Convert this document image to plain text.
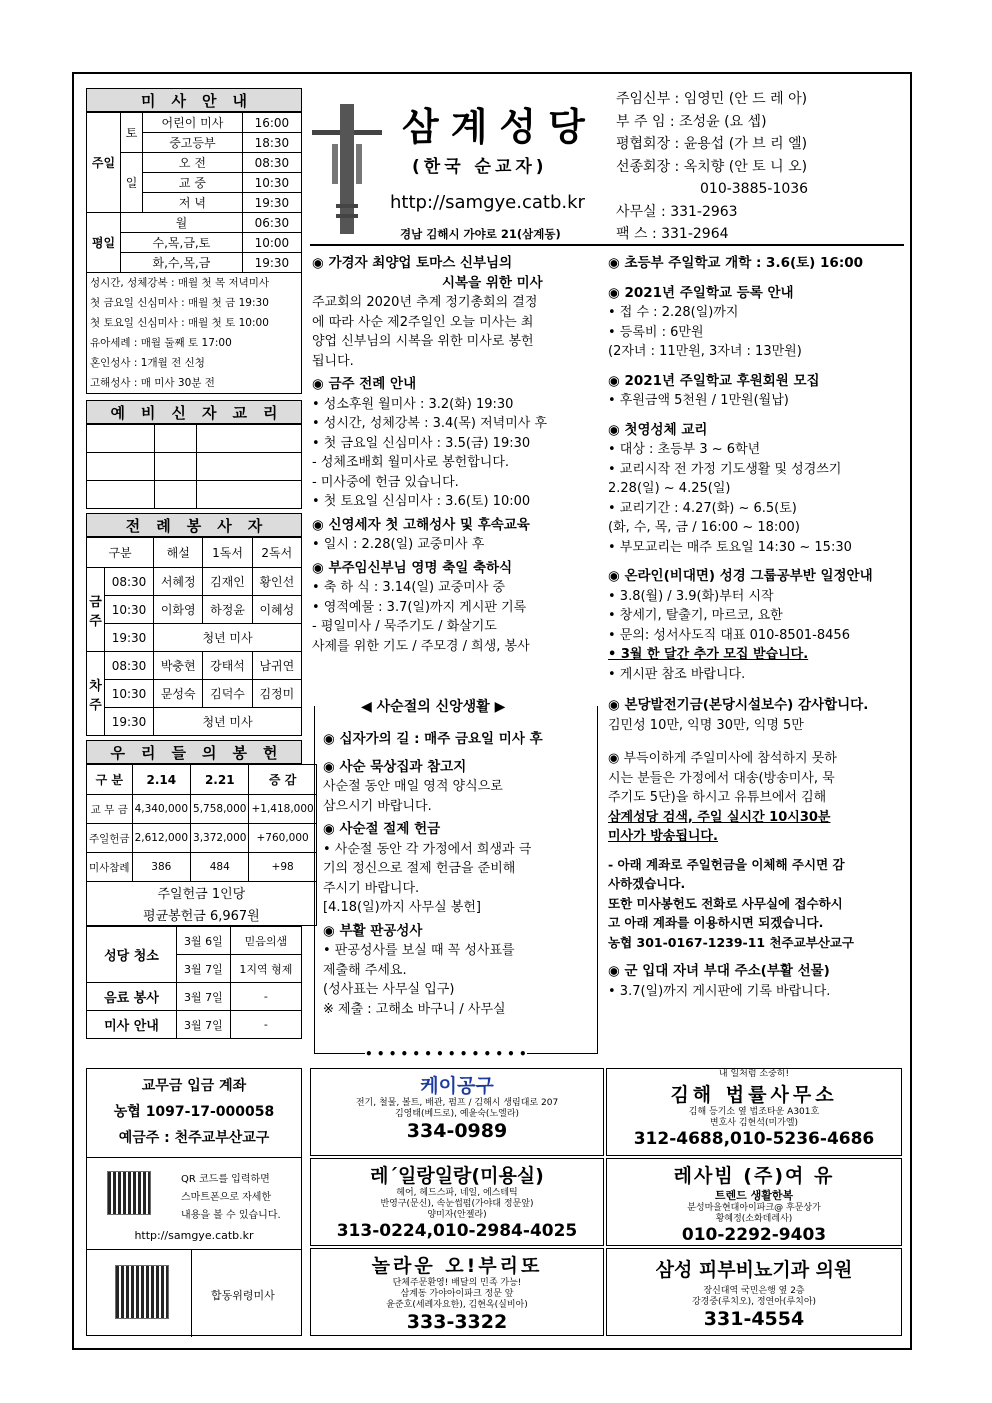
미사안내
주일	토	어린이 미사	16:00
		중고등부	18:30
	일	오 전	08:30
		교 중	10:30
		저 녁	19:30
평일	월		06:30
	수,목,금,토		10:00
	화,수,목,금		19:30
성시간, 성체강복 : 매월 첫 목 저녁미사
첫 금요일 신심미사 : 매월 첫 금 19:30
첫 토요일 신심미사 : 매월 첫 토 10:00
유아세례 : 매월 둘째 토 17:00
혼인성사 : 1개월 전 신청
고해성사 : 매 미사 30분 전
예비신자교리

전례봉사자
구분		해설	1독서	2독서
금주	08:30	서혜정	김재인	황인선
	10:30	이화영	하정윤	이혜성
	19:30	청년 미사		
차주	08:30	박충현	강태석	남귀연
	10:30	문성숙	김덕수	김정미
	19:30	청년 미사		
우리들의봉헌
구 분	2.14	2.21	증 감
교 무 금	4,340,000	5,758,000	+1,418,000
주일헌금	2,612,000	3,372,000	+760,000
미사참례	386	484	+98
주일헌금 1인당			
평균봉헌금 6,967원			
성당 청소	3월 6일	믿음의샘
	3월 7일	1지역 형제
음료 봉사	3월 7일	-
미사 안내	3월 7일	-
삼계성당
(한국 순교자)
http://samgye.catb.kr
경남 김해시 가야로 21(삼계동)
주임신부 : 임영민 (안 드 레 아)
부 주 임 : 조성윤 (요 셉)
평협회장 : 윤용섭 (가 브 리 엘)
선종회장 : 옥치향 (안 토 니 오)
010-3885-1036
사무실 : 331-2963
팩 스 : 331-2964
◉ 가경자 최양업 토마스 신부님의
시복을 위한 미사
주교회의 2020년 추계 정기총회의 결정
에 따라 사순 제2주일인 오늘 미사는 최
양업 신부님의 시복을 위한 미사로 봉헌
됩니다.
◉ 금주 전례 안내
• 성소후원 월미사 : 3.2(화) 19:30
• 성시간, 성체강복 : 3.4(목) 저녁미사 후
• 첫 금요일 신심미사 : 3.5(금) 19:30
- 성체조배회 월미사로 봉헌합니다.
- 미사중에 헌금 있습니다.
• 첫 토요일 신심미사 : 3.6(토) 10:00
◉ 신영세자 첫 고해성사 및 후속교육
• 일시 : 2.28(일) 교중미사 후
◉ 부주임신부님 영명 축일 축하식
• 축 하 식 : 3.14(일) 교중미사 중
• 영적예물 : 3.7(일)까지 게시판 기록
- 평일미사 / 묵주기도 / 화살기도
사제를 위한 기도 / 주모경 / 희생, 봉사
◀ 사순절의 신앙생활 ▶
◉ 십자가의 길 : 매주 금요일 미사 후
◉ 사순 묵상집과 참고지
사순절 동안 매일 영적 양식으로
삼으시기 바랍니다.
◉ 사순절 절제 헌금
• 사순절 동안 각 가정에서 희생과 극
기의 정신으로 절제 헌금을 준비해
주시기 바랍니다.
[4.18(일)까지 사무실 봉헌]
◉ 부활 판공성사
• 판공성사를 보실 때 꼭 성사표를
제출해 주세요.
(성사표는 사무실 입구)
※ 제출 : 고해소 바구니 / 사무실
• • • • • • • • • • • • • •
◉ 초등부 주일학교 개학 : 3.6(토) 16:00
◉ 2021년 주일학교 등록 안내
• 접 수 : 2.28(일)까지
• 등록비 : 6만원
(2자녀 : 11만원, 3자녀 : 13만원)
◉ 2021년 주일학교 후원회원 모집
• 후원금액 5천원 / 1만원(월납)
◉ 첫영성체 교리
• 대상 : 초등부 3 ~ 6학년
• 교리시작 전 가정 기도생활 및 성경쓰기
2.28(일) ~ 4.25(일)
• 교리기간 : 4.27(화) ~ 6.5(토)
(화, 수, 목, 금 / 16:00 ~ 18:00)
• 부모교리는 매주 토요일 14:30 ~ 15:30
◉ 온라인(비대면) 성경 그룹공부반 일정안내
• 3.8(월) / 3.9(화)부터 시작
• 창세기, 탈출기, 마르코, 요한
• 문의: 성서사도직 대표 010-8501-8456
• 3월 한 달간 추가 모집 받습니다.
• 게시판 참조 바랍니다.
◉ 본당발전기금(본당시설보수) 감사합니다.
김민성 10만, 익명 30만, 익명 5만
◉ 부득이하게 주일미사에 참석하지 못하
시는 분들은 가정에서 대송(방송미사, 묵
주기도 5단)을 하시고 유튜브에서 김해
삼계성당 검색, 주일 실시간 10시30분
미사가 방송됩니다.
- 아래 계좌로 주일헌금을 이체해 주시면 감
사하겠습니다.
또한 미사봉헌도 전화로 사무실에 접수하시
고 아래 계좌를 이용하시면 되겠습니다.
농협 301-0167-1239-11 천주교부산교구
◉ 군 입대 자녀 부대 주소(부활 선물)
• 3.7(일)까지 게시판에 기록 바랍니다.
교무금 입금 계좌
농협 1097-17-000058
예금주 : 천주교부산교구
QR 코드를 입력하면
스마트폰으로 자세한
내용을 볼 수 있습니다.
http://samgye.catb.kr
합동위령미사
케이공구
전기, 철물, 볼트, 배관, 펌프 / 김해시 생림대로 207
김영태(베드로), 예윤숙(노엘라)
334-0989
내 일처럼 소중히!
김해 법률사무소
김해 등기소 옆 법조타운 A301호
변호사 김현석(미가엘)
312-4688,010-5236-4686
레´일랑일랑(미용실)
헤어, 헤드스파, 네일, 에스테틱
반영구(문신), 속눈썹펌(가야대 정문앞)
양미자(안젤라)
313-0224,010-2984-4025
레사빔 (주)여 유
트렌드 생활한복
분성마을현대아이파크@ 후문상가
황혜정(소화데레사)
010-2292-9403
놀라운 오!부리또
단체주문환영! 배달의 민족 가능!
삼계동 가야아이파크 정문 앞
윤준호(세례자요한), 김현옥(실비아)
333-3322
삼성 피부비뇨기과 의원
장신대역 국민은행 옆 2층
강경중(루치오), 정연아(루치아)
331-4554
